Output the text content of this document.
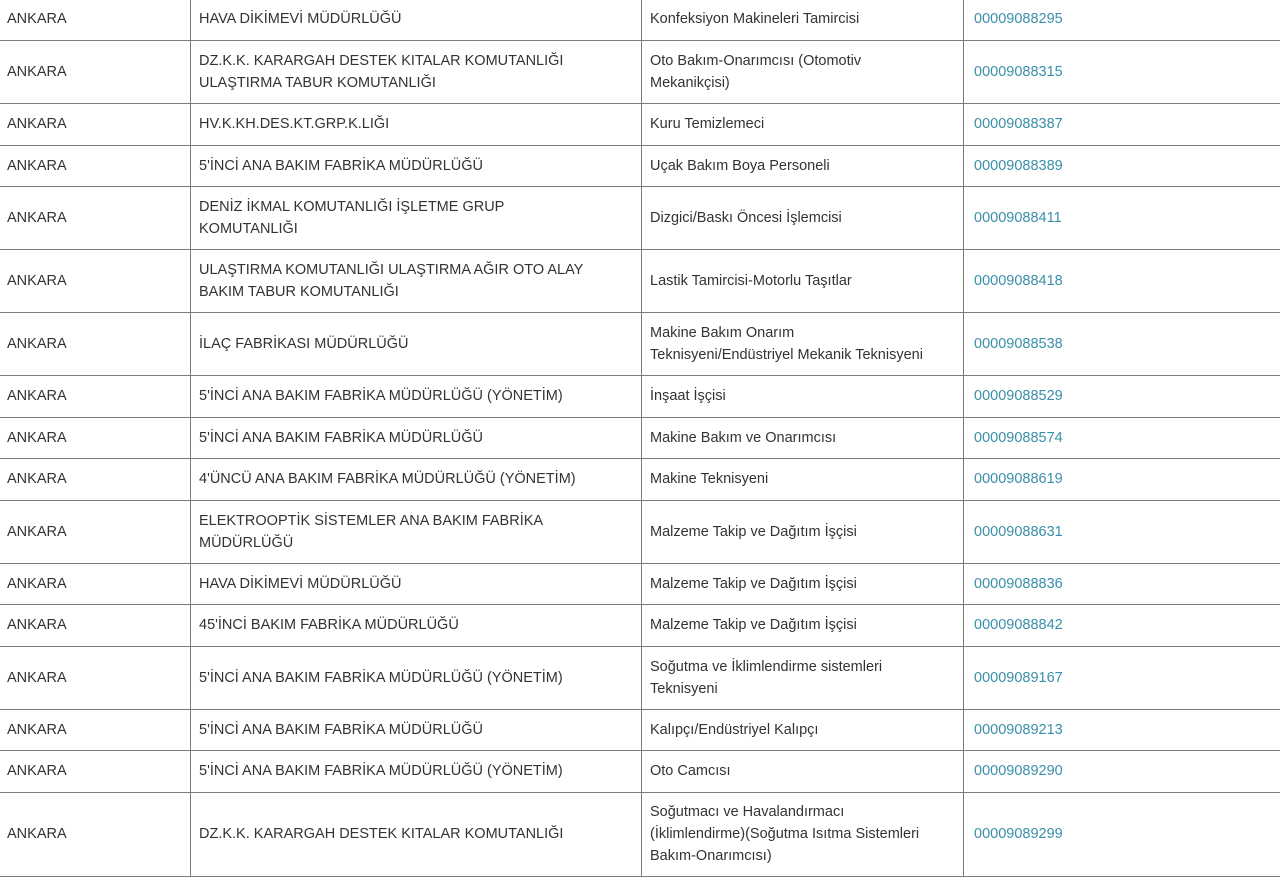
ANKARA	HAVA DİKİMEVİ MÜDÜRLÜĞÜ	Konfeksiyon Makineleri Tamircisi	00009088295
ANKARA	DZ.K.K. KARARGAH DESTEK KITALAR KOMUTANLIĞI
ULAŞTIRMA TABUR KOMUTANLIĞI	Oto Bakım-Onarımcısı (Otomotiv
Mekanikçisi)	00009088315
ANKARA	HV.K.KH.DES.KT.GRP.K.LIĞI	Kuru Temizlemeci	00009088387
ANKARA	5'İNCİ ANA BAKIM FABRİKA MÜDÜRLÜĞÜ	Uçak Bakım Boya Personeli	00009088389
ANKARA	DENİZ İKMAL KOMUTANLIĞI İŞLETME GRUP
KOMUTANLIĞI	Dizgici/Baskı Öncesi İşlemcisi	00009088411
ANKARA	ULAŞTIRMA KOMUTANLIĞI ULAŞTIRMA AĞIR OTO ALAY
BAKIM TABUR KOMUTANLIĞI	Lastik Tamircisi-Motorlu Taşıtlar	00009088418
ANKARA	İLAÇ FABRİKASI MÜDÜRLÜĞÜ	Makine Bakım Onarım
Teknisyeni/Endüstriyel Mekanik Teknisyeni	00009088538
ANKARA	5'İNCİ ANA BAKIM FABRİKA MÜDÜRLÜĞÜ (YÖNETİM)	İnşaat İşçisi	00009088529
ANKARA	5'İNCİ ANA BAKIM FABRİKA MÜDÜRLÜĞÜ	Makine Bakım ve Onarımcısı	00009088574
ANKARA	4'ÜNCÜ ANA BAKIM FABRİKA MÜDÜRLÜĞÜ (YÖNETİM)	Makine Teknisyeni	00009088619
ANKARA	ELEKTROOPTİK SİSTEMLER ANA BAKIM FABRİKA
MÜDÜRLÜĞÜ	Malzeme Takip ve Dağıtım İşçisi	00009088631
ANKARA	HAVA DİKİMEVİ MÜDÜRLÜĞÜ	Malzeme Takip ve Dağıtım İşçisi	00009088836
ANKARA	45'İNCİ BAKIM FABRİKA MÜDÜRLÜĞÜ	Malzeme Takip ve Dağıtım İşçisi	00009088842
ANKARA	5'İNCİ ANA BAKIM FABRİKA MÜDÜRLÜĞÜ (YÖNETİM)	Soğutma ve İklimlendirme sistemleri
Teknisyeni	00009089167
ANKARA	5'İNCİ ANA BAKIM FABRİKA MÜDÜRLÜĞÜ	Kalıpçı/Endüstriyel Kalıpçı	00009089213
ANKARA	5'İNCİ ANA BAKIM FABRİKA MÜDÜRLÜĞÜ (YÖNETİM)	Oto Camcısı	00009089290
ANKARA	DZ.K.K. KARARGAH DESTEK KITALAR KOMUTANLIĞI	Soğutmacı ve Havalandırmacı
(İklimlendirme)(Soğutma Isıtma Sistemleri
Bakım-Onarımcısı)	00009089299
